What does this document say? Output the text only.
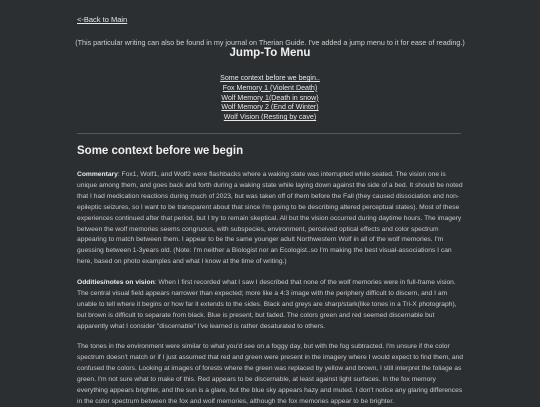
<-Back to Main
(This particular writing can also be found in my journal on Therian Guide. I've added a jump menu to it for ease of reading.)
Jump-To Menu
Some context before we begin..
Fox Memory 1 (Violent Death)
Wolf Memory 1(Death in snow)
Wolf Memory 2 (End of Winter)
Wolf Vision (Resting by cave)
Some context before we begin

Commentary: Fox1, Wolf1, and Wolf2 were flashbacks where a waking state was interrupted while seated. The vision one is unique among them, and goes back and forth during a waking state while laying down against the side of a bed. It should be noted that I had medication reactions during much of 2023, but was taken off of them before the Fall (they caused dissociation and non-epileptic seizures, so I want to be transparent about that since I'm going to be describing altered perceptual states). Most of these experiences continued after that period, but I try to remain skeptical. All but the vision occurred during daytime hours. The imagery between the wolf memories seems congruous, with subspecies, environment, perceived optical effects and color spectrum appearing to match between them. I appear to be the same younger adult Northwestern Wolf in all of the wolf memories. I'm guessing between 1-3years old. (Note: I'm neither a Biologist nor an Ecologist..so I'm making the best visual-associations I can here, based on photo examples and what I know at the time of writing.)

Oddities/notes on vision: When I first recorded what I saw I described that none of the wolf memories were in full-frame vision. The central visual field appears narrower than expected; more like a 4:3 image with the periphery difficult to discern, and I am unable to tell where it begins or how far it extends to the sides. Black and greys are sharp/stark(like tones in a Tri-X photograph), but brown is difficult to separate from black. Blue is present, but faded. The colors green and red seemed discernable but apparently what I consider "discernable" I've learned is rather desaturated to others.

The tones in the environment were similar to what you'd see on a foggy day, but with the fog subtracted. I'm unsure if the color spectrum doesn't match or if I just assumed that red and green were present in the imagery where I would expect to find them, and confused the colors. Looking at images of forests where the green was replaced by yellow and brown, I still interpret the foliage as green. I'm not sure what to make of this. Red appears to be discernable, at least against light surfaces. In the fox memory everything appears brighter, and the sun is a glare, but the blue sky appears hazy and muted. I don't notice any glaring differences in the color spectrum between the fox and wolf memories, although the fox memories appear to be brighter.
